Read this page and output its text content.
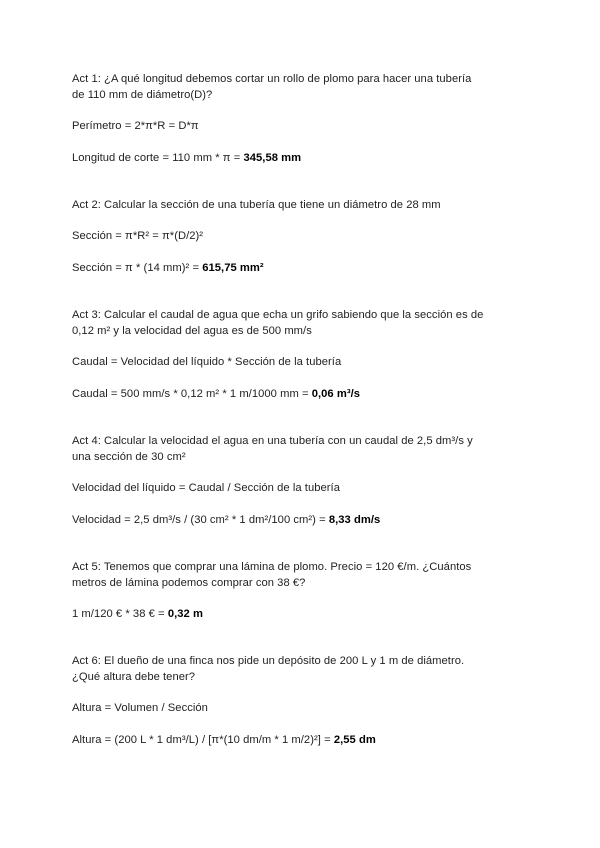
Act 1: ¿A qué longitud debemos cortar un rollo de plomo para hacer una tubería

de 110 mm de diámetro(D)?

Perímetro = 2*π*R = D*π

Longitud de corte = 110 mm * π = 345,58 mm

Act 2: Calcular la sección de una tubería que tiene un diámetro de 28 mm

Sección = π*R² = π*(D/2)²

Sección = π * (14 mm)² = 615,75 mm²

Act 3: Calcular el caudal de agua que echa un grifo sabiendo que la sección es de

0,12 m² y la velocidad del agua es de 500 mm/s

Caudal = Velocidad del líquido * Sección de la tubería

Caudal = 500 mm/s * 0,12 m² * 1 m/1000 mm = 0,06 m³/s

Act 4: Calcular la velocidad el agua en una tubería con un caudal de 2,5 dm³/s y

una sección de 30 cm²

Velocidad del líquido = Caudal / Sección de la tubería

Velocidad = 2,5 dm³/s / (30 cm² * 1 dm²/100 cm²) = 8,33 dm/s

Act 5: Tenemos que comprar una lámina de plomo. Precio = 120 €/m. ¿Cuántos

metros de lámina podemos comprar con 38 €?

1 m/120 € * 38 € = 0,32 m

Act 6: El dueño de una finca nos pide un depósito de 200 L y 1 m de diámetro.

¿Qué altura debe tener?

Altura = Volumen / Sección

Altura = (200 L * 1 dm³/L) / [π*(10 dm/m * 1 m/2)²] = 2,55 dm
